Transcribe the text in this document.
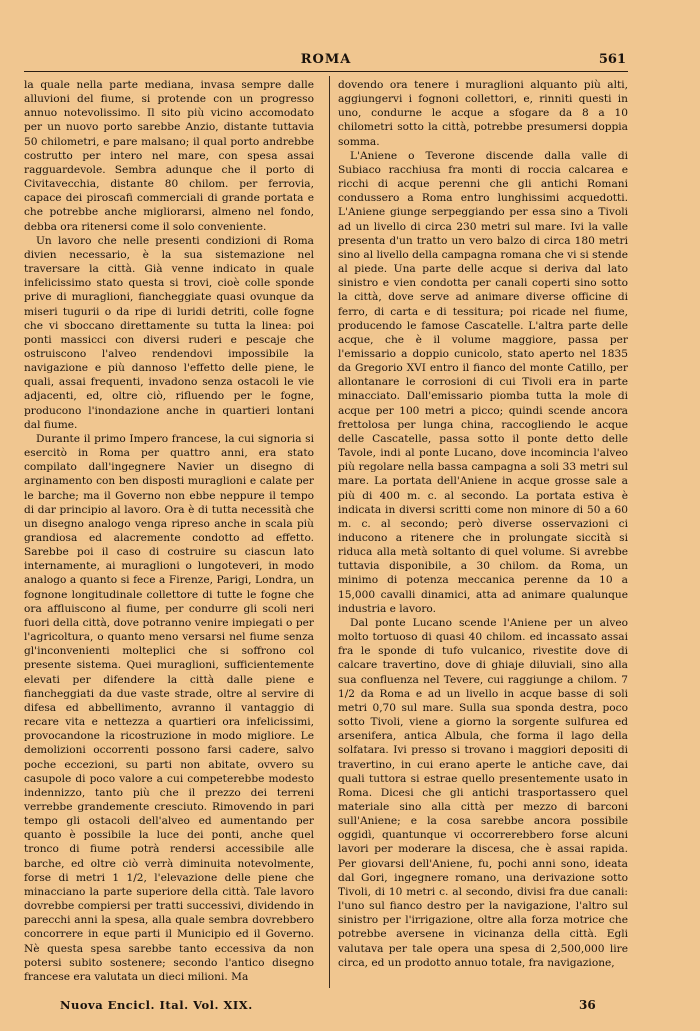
ROMA	561

la quale nella parte mediana, invasa sempre dalle alluvioni del fiume, si protende con un progresso annuo notevolissimo. Il sito più vicino accomodato per un nuovo porto sarebbe Anzio, distante tuttavia 50 chilometri, e pare malsano; il qual porto andrebbe costrutto per intero nel mare, con spesa assai ragguardevole. Sembra adunque che il porto di Civitavecchia, distante 80 chilom. per ferrovia, capace dei piroscafi commerciali di grande portata e che potrebbe anche migliorarsi, almeno nel fondo, debba ora ritenersi come il solo conveniente.

Un lavoro che nelle presenti condizioni di Roma divien necessario, è la sua sistemazione nel traversare la città. Già venne indicato in quale infelicissimo stato questa si trovi, cioè colle sponde prive di muraglioni, fiancheggiate quasi ovunque da miseri tugurii o da ripe di luridi detriti, colle fogne che vi sboccano direttamente su tutta la linea: poi ponti massicci con diversi ruderi e pescaje che ostruiscono l'alveo rendendovi impossibile la navigazione e più dannoso l'effetto delle piene, le quali, assai frequenti, invadono senza ostacoli le vie adjacenti, ed, oltre ciò, rifluendo per le fogne, producono l'inondazione anche in quartieri lontani dal fiume.

Durante il primo Impero francese, la cui signoria si esercitò in Roma per quattro anni, era stato compilato dall'ingegnere Navier un disegno di arginamento con ben disposti muraglioni e calate per le barche; ma il Governo non ebbe neppure il tempo di dar principio al lavoro. Ora è di tutta necessità che un disegno analogo venga ripreso anche in scala più grandiosa ed alacremente condotto ad effetto. Sarebbe poi il caso di costruire su ciascun lato internamente, ai muraglioni o lungoteveri, in modo analogo a quanto si fece a Firenze, Parigi, Londra, un fognone longitudinale collettore di tutte le fogne che ora affluiscono al fiume, per condurre gli scoli neri fuori della città, dove potranno venire impiegati o per l'agricoltura, o quanto meno versarsi nel fiume senza gl'inconvenienti molteplici che si soffrono col presente sistema. Quei muraglioni, sufficientemente elevati per difendere la città dalle piene e fiancheggiati da due vaste strade, oltre al servire di difesa ed abbellimento, avranno il vantaggio di recare vita e nettezza a quartieri ora infelicissimi, provocandone la ricostruzione in modo migliore. Le demolizioni occorrenti possono farsi cadere, salvo poche eccezioni, su parti non abitate, ovvero su casupole di poco valore a cui competerebbe modesto indennizzo, tanto più che il prezzo dei terreni verrebbe grandemente cresciuto. Rimovendo in pari tempo gli ostacoli dell'alveo ed aumentando per quanto è possibile la luce dei ponti, anche quel tronco di fiume potrà rendersi accessibile alle barche, ed oltre ciò verrà diminuita notevolmente, forse di metri 1 1/2, l'elevazione delle piene che minacciano la parte superiore della città. Tale lavoro dovrebbe compiersi per tratti successivi, dividendo in parecchi anni la spesa, alla quale sembra dovrebbero concorrere in eque parti il Municipio ed il Governo. Nè questa spesa sarebbe tanto eccessiva da non potersi subito sostenere; secondo l'antico disegno francese era valutata un dieci milioni. Ma

dovendo ora tenere i muraglioni alquanto più alti, aggiungervi i fognoni collettori, e, rinniti questi in uno, condurne le acque a sfogare da 8 a 10 chilometri sotto la città, potrebbe presumersi doppia somma.

L'Aniene o Teverone discende dalla valle di Subiaco racchiusa fra monti di roccia calcarea e ricchi di acque perenni che gli antichi Romani condussero a Roma entro lunghissimi acquedotti. L'Aniene giunge serpeggiando per essa sino a Tivoli ad un livello di circa 230 metri sul mare. Ivi la valle presenta d'un tratto un vero balzo di circa 180 metri sino al livello della campagna romana che vi si stende al piede. Una parte delle acque si deriva dal lato sinistro e vien condotta per canali coperti sino sotto la città, dove serve ad animare diverse officine di ferro, di carta e di tessitura; poi ricade nel fiume, producendo le famose Cascatelle. L'altra parte delle acque, che è il volume maggiore, passa per l'emissario a doppio cunicolo, stato aperto nel 1835 da Gregorio XVI entro il fianco del monte Catillo, per allontanare le corrosioni di cui Tivoli era in parte minacciato. Dall'emissario piomba tutta la mole di acque per 100 metri a picco; quindi scende ancora frettolosa per lunga china, raccogliendo le acque delle Cascatelle, passa sotto il ponte detto delle Tavole, indi al ponte Lucano, dove incomincia l'alveo più regolare nella bassa campagna a soli 33 metri sul mare. La portata dell'Aniene in acque grosse sale a più di 400 m. c. al secondo. La portata estiva è indicata in diversi scritti come non minore di 50 a 60 m. c. al secondo; però diverse osservazioni ci inducono a ritenere che in prolungate siccità si riduca alla metà soltanto di quel volume. Si avrebbe tuttavia disponibile, a 30 chilom. da Roma, un minimo di potenza meccanica perenne da 10 a 15,000 cavalli dinamici, atta ad animare qualunque industria e lavoro.

Dal ponte Lucano scende l'Aniene per un alveo molto tortuoso di quasi 40 chilom. ed incassato assai fra le sponde di tufo vulcanico, rivestite dove di calcare travertino, dove di ghiaje diluviali, sino alla sua confluenza nel Tevere, cui raggiunge a chilom. 7 1/2 da Roma e ad un livello in acque basse di soli metri 0,70 sul mare. Sulla sua sponda destra, poco sotto Tivoli, viene a giorno la sorgente sulfurea ed arsenifera, antica Albula, che forma il lago della solfatara. Ivi presso si trovano i maggiori depositi di travertino, in cui erano aperte le antiche cave, dai quali tuttora si estrae quello presentemente usato in Roma. Dicesi che gli antichi trasportassero quel materiale sino alla città per mezzo di barconi sull'Aniene; e la cosa sarebbe ancora possibile oggidì, quantunque vi occorrerebbero forse alcuni lavori per moderare la discesa, che è assai rapida. Per giovarsi dell'Aniene, fu, pochi anni sono, ideata dal Gori, ingegnere romano, una derivazione sotto Tivoli, di 10 metri c. al secondo, divisi fra due canali: l'uno sul fianco destro per la navigazione, l'altro sul sinistro per l'irrigazione, oltre alla forza motrice che potrebbe aversene in vicinanza della città. Egli valutava per tale opera una spesa di 2,500,000 lire circa, ed un prodotto annuo totale, fra navigazione,

Nuova Encicl. Ital. Vol. XIX.	36
